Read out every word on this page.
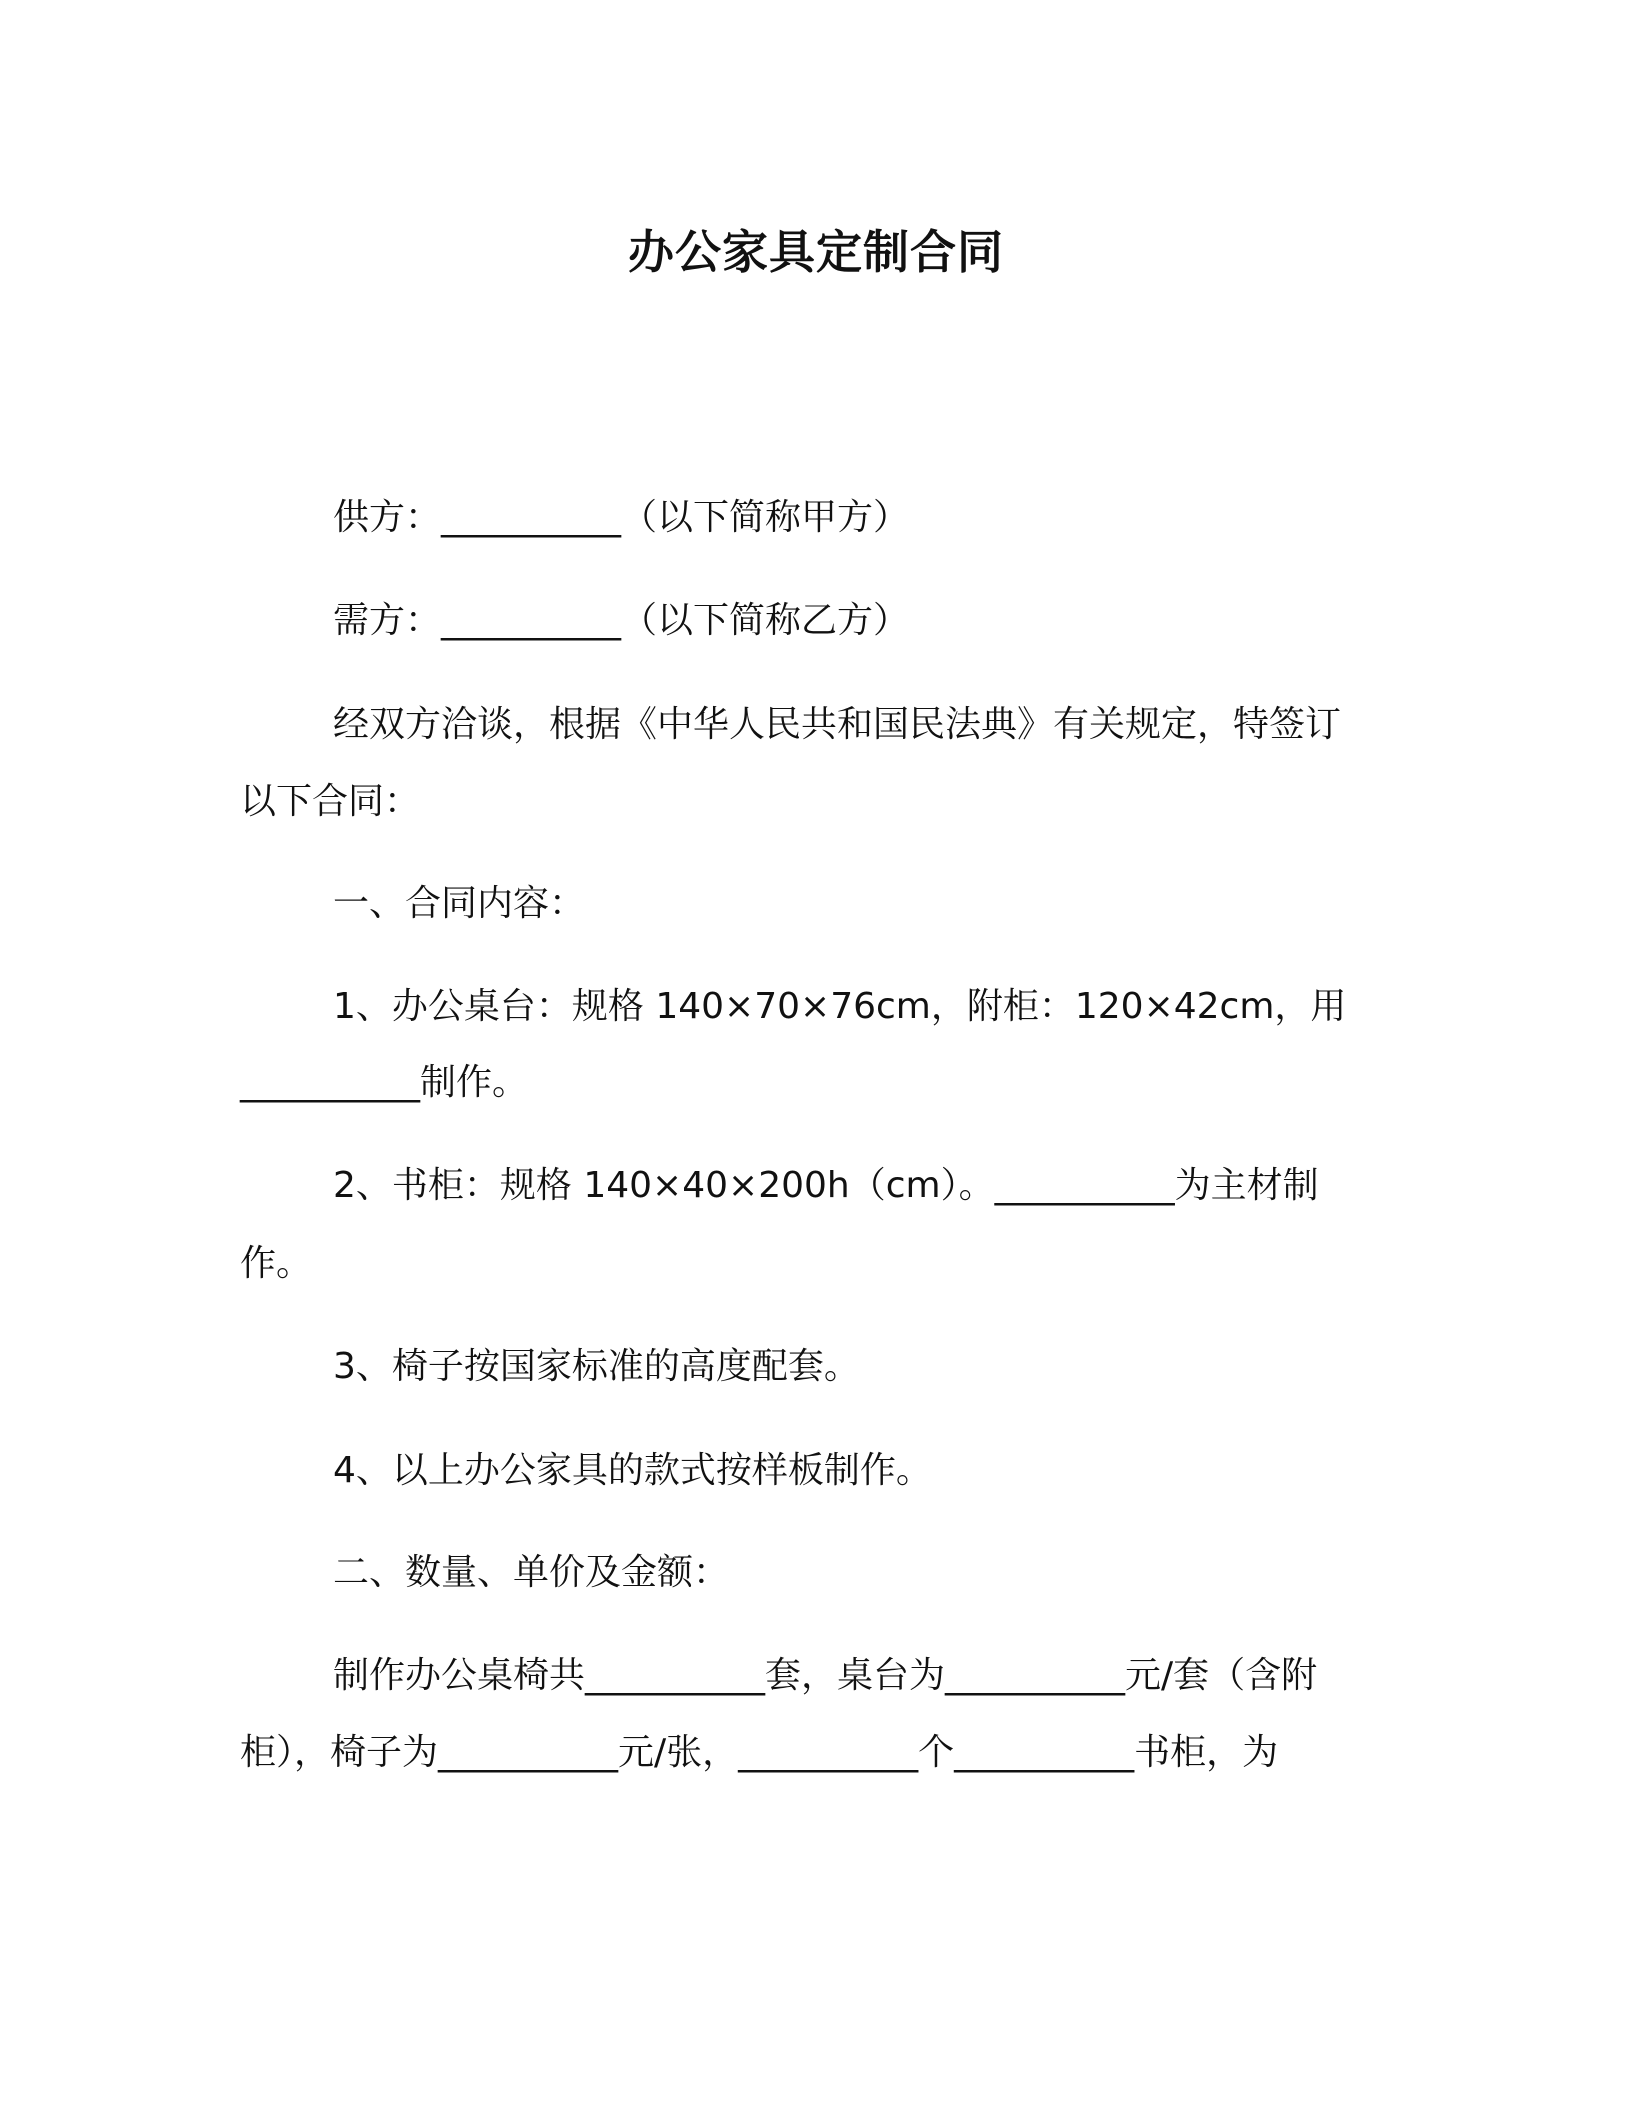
办公家具定制合同
供方：__________（以下简称甲方）
需方：__________（以下简称乙方）
经双方洽谈，根据《中华人民共和国民法典》有关规定，特签订
以下合同：
一、合同内容：
1、办公桌台：规格 140×70×76cm，附柜：120×42cm，用
__________制作。
2、书柜：规格 140×40×200h（cm）。__________为主材制
作。
3、椅子按国家标准的高度配套。
4、以上办公家具的款式按样板制作。
二、数量、单价及金额：
制作办公桌椅共__________套，桌台为__________元/套（含附
柜），椅子为__________元/张，__________个__________书柜，为
